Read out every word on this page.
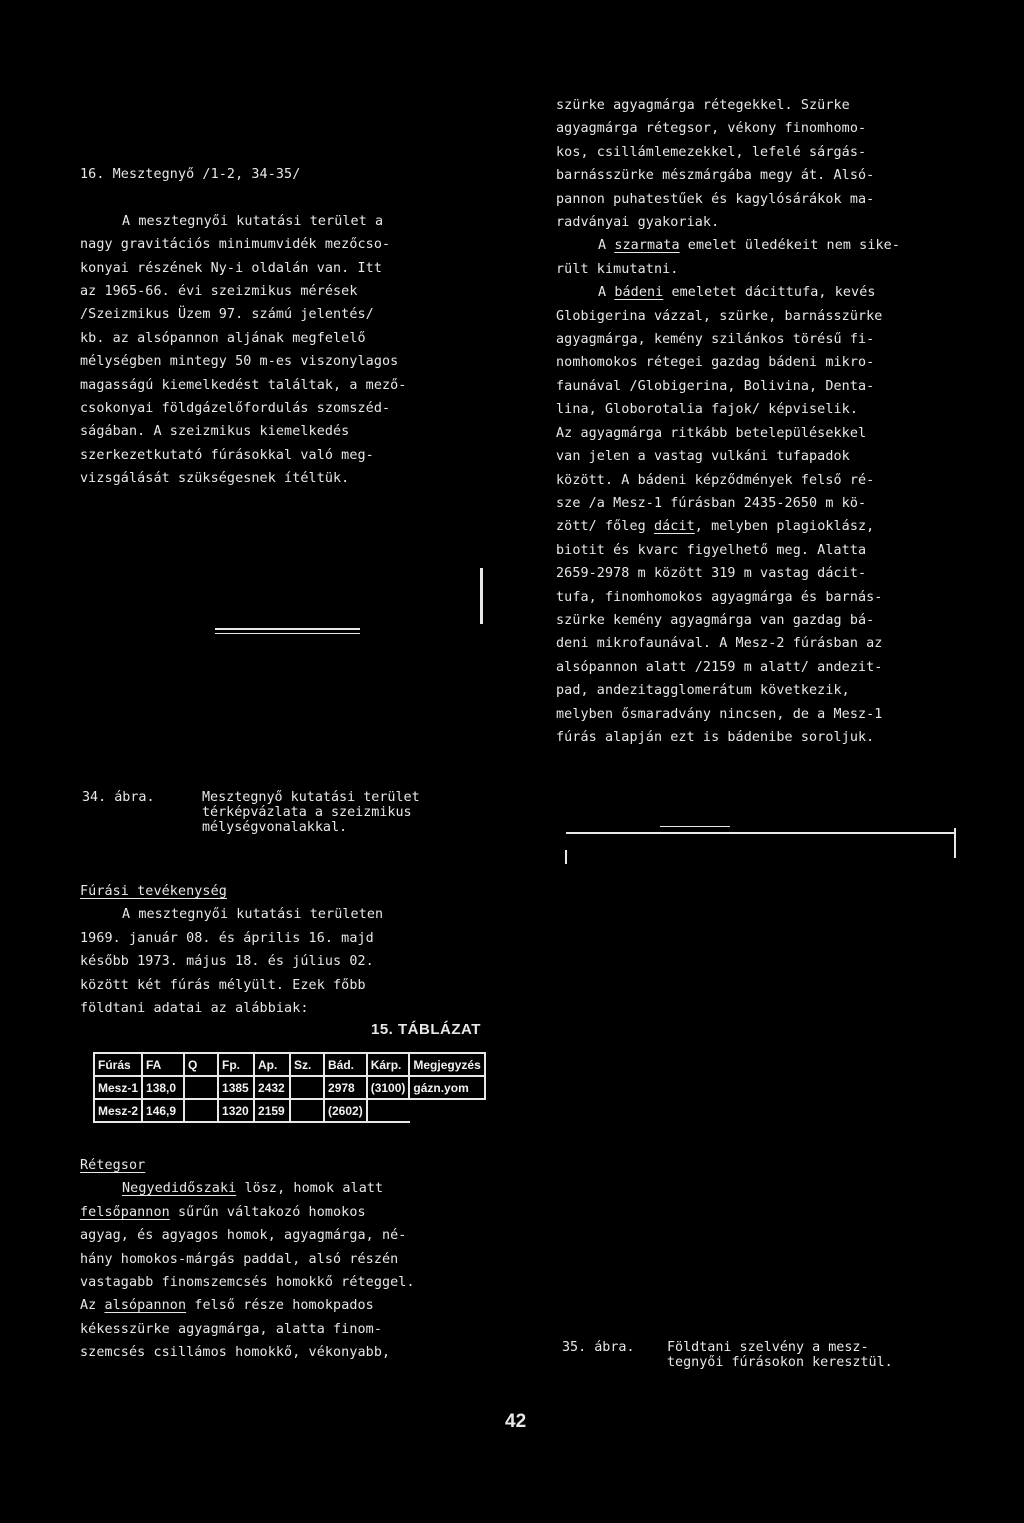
16. Mesztegnyő /1-2, 34-35/

A mesztegnyői kutatási terület a

nagy gravitációs minimumvidék mezőcso-

konyai részének Ny-i oldalán van. Itt

az 1965-66. évi szeizmikus mérések

/Szeizmikus Üzem 97. számú jelentés/

kb. az alsópannon aljának megfelelő

mélységben mintegy 50 m-es viszonylagos

magasságú kiemelkedést találtak, a mező-

csokonyai földgázelőfordulás szomszéd-

ságában. A szeizmikus kiemelkedés

szerkezetkutató fúrásokkal való meg-

vizsgálását szükségesnek ítéltük.

34. ábra.	Mesztegnyő kutatási terület

térképvázlata a szeizmikus

mélységvonalakkal.

Fúrási tevékenység

A mesztegnyői kutatási területen

1969. január 08. és április 16. majd

később 1973. május 18. és július 02.

között két fúrás mélyült. Ezek főbb

földtani adatai az alábbiak:

15. TÁBLÁZAT
Fúrás	FA	Q	Fp.	Ap.	Sz.	Bád.	Kárp.	Megjegyzés
Mesz-1	138,0		1385	2432		2978	(3100)	gázn.yom
Mesz-2	146,9		1320	2159		(2602)		

Rétegsor

Negyedidőszaki lösz, homok alatt

felsőpannon sűrűn váltakozó homokos

agyag, és agyagos homok, agyagmárga, né-

hány homokos-márgás paddal, alsó részén

vastagabb finomszemcsés homokkő réteggel.

Az alsópannon felső része homokpados

kékesszürke agyagmárga, alatta finom-

szemcsés csillámos homokkő, vékonyabb,

szürke agyagmárga rétegekkel. Szürke

agyagmárga rétegsor, vékony finomhomo-

kos, csillámlemezekkel, lefelé sárgás-

barnásszürke mészmárgába megy át. Alsó-

pannon puhatestűek és kagylósárákok ma-

radványai gyakoriak.

A szarmata emelet üledékeit nem sike-

rült kimutatni.

A bádeni emeletet dácittufa, kevés

Globigerina vázzal, szürke, barnásszürke

agyagmárga, kemény szilánkos törésű fi-

nomhomokos rétegei gazdag bádeni mikro-

faunával /Globigerina, Bolivina, Denta-

lina, Globorotalia fajok/ képviselik.

Az agyagmárga ritkább betelepülésekkel

van jelen a vastag vulkáni tufapadok

között. A bádeni képződmények felső ré-

sze /a Mesz-1 fúrásban 2435-2650 m kö-

zött/ főleg dácit, melyben plagioklász,

biotit és kvarc figyelhető meg. Alatta

2659-2978 m között 319 m vastag dácit-

tufa, finomhomokos agyagmárga és barnás-

szürke kemény agyagmárga van gazdag bá-

deni mikrofaunával. A Mesz-2 fúrásban az

alsópannon alatt /2159 m alatt/ andezit-

pad, andezitagglomerátum következik,

melyben ősmaradvány nincsen, de a Mesz-1

fúrás alapján ezt is bádenibe soroljuk.

35. ábra. Földtani szelvény a mesz-

tegnyői fúrásokon keresztül.

42
